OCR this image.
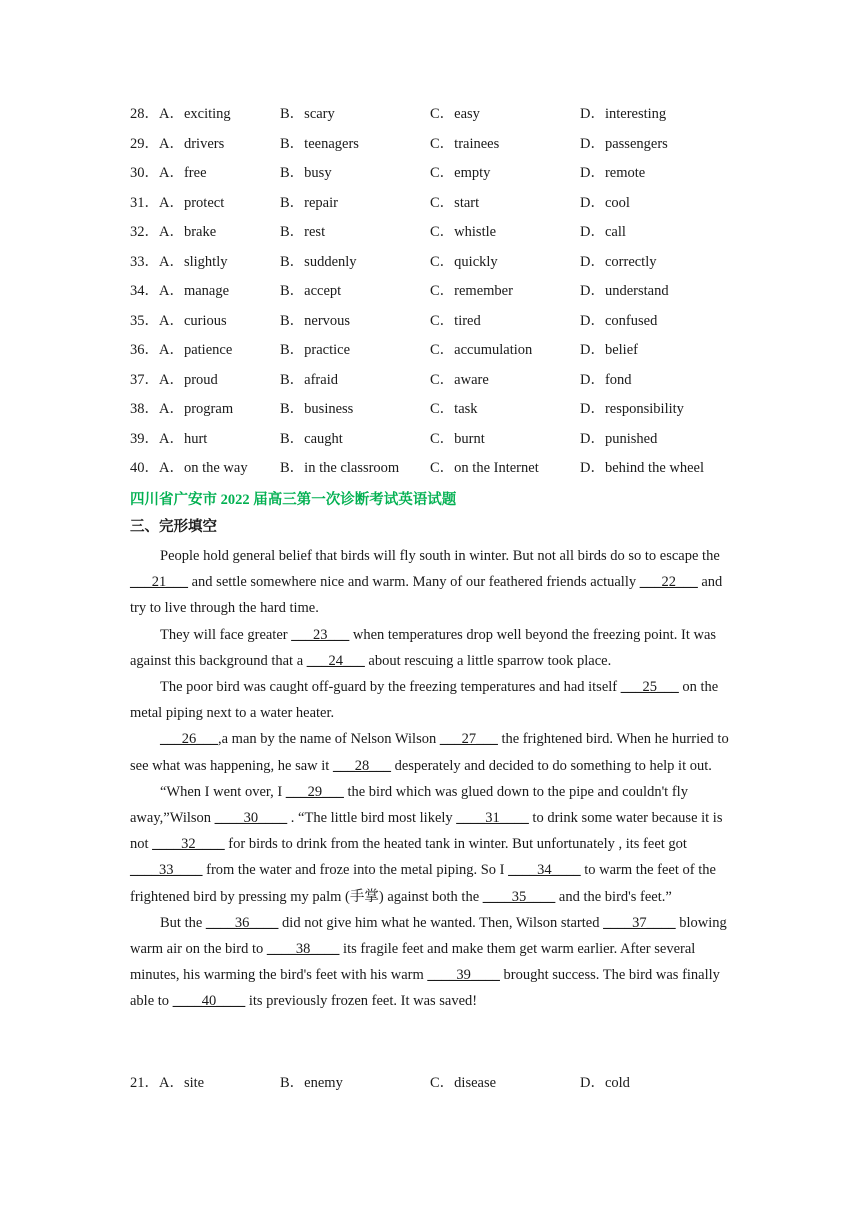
28．A．exciting	B．scary	C．easy	D．interesting
29．A．drivers	B．teenagers	C．trainees	D．passengers
30．A．free	B．busy	C．empty	D．remote
31．A．protect	B．repair	C．start	D．cool
32．A．brake	B．rest	C．whistle	D．call
33．A．slightly	B．suddenly	C．quickly	D．correctly
34．A．manage	B．accept	C．remember	D．understand
35．A．curious	B．nervous	C．tired	D．confused
36．A．patience	B．practice	C．accumulation	D．belief
37．A．proud	B．afraid	C．aware	D．fond
38．A．program	B．business	C．task	D．responsibility
39．A．hurt	B．caught	C．burnt	D．punished
40．A．on the way B．in the classroom C．on the Internet	D．behind the wheel
四川省广安市 2022 届高三第一次诊断考试英语试题
三、完形填空

People hold general belief that birds will fly south in winter. But not all birds do so to escape the ___21___ and settle somewhere nice and warm. Many of our feathered friends actually ___22___ and try to live through the hard time.

They will face greater ___23___ when temperatures drop well beyond the freezing point. It was against this background that a ___24___ about rescuing a little sparrow took place.

The poor bird was caught off-guard by the freezing temperatures and had itself ___25___ on the metal piping next to a water heater.

___26___,a man by the name of Nelson Wilson ___27___ the frightened bird. When he hurried to see what was happening, he saw it ___28___ desperately and decided to do something to help it out.

“When I went over, I ___29___ the bird which was glued down to the pipe and couldn't fly away,”Wilson ____30____ . “The little bird most likely ____31____ to drink some water because it is not ____32____ for birds to drink from the heated tank in winter. But unfortunately , its feet got ____33____ from the water and froze into the metal piping. So I ____34____ to warm the feet of the frightened bird by pressing my palm (手掌) against both the ____35____ and the bird's feet.”

But the ____36____ did not give him what he wanted. Then, Wilson started ____37____ blowing warm air on the bird to ____38____ its fragile feet and make them get warm earlier. After several minutes, his warming the bird's feet with his warm ____39____ brought success. The bird was finally able to ____40____ its previously frozen feet. It was saved!

21．A．site	B．enemy	C．disease	D．cold
